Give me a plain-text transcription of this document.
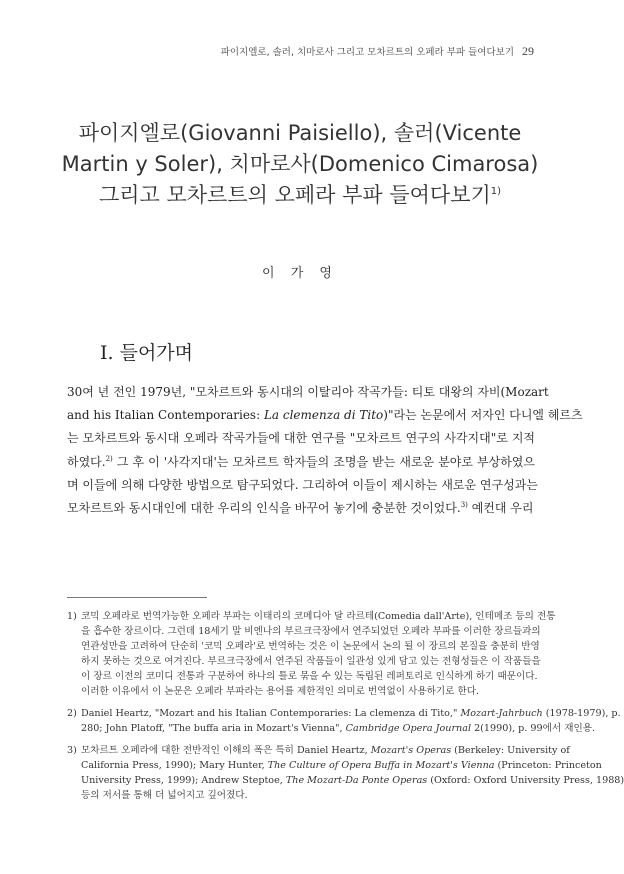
파이지엘로, 솔러, 치마로사 그리고 모차르트의 오페라 부파 들여다보기 29
파이지엘로(Giovanni Paisiello), 솔러(Vicente
Martin y Soler), 치마로사(Domenico Cimarosa)
그리고 모차르트의 오페라 부파 들여다보기$^{1)}$
이 가 영
I. 들어가며
30여 년 전인 1979년, "모차르트와 동시대의 이탈리아 작곡가들: 티토 대왕의 자비(Mozart
and his Italian Contemporaries: La clemenza di Tito)"라는 논문에서 저자인 다니엘 헤르츠
는 모차르트와 동시대 오페라 작곡가들에 대한 연구를 "모차르트 연구의 사각지대"로 지적
하였다.$^{2)}$ 그 후 이 '사각지대'는 모차르트 학자들의 조명을 받는 새로운 분야로 부상하였으
며 이들에 의해 다양한 방법으로 탐구되었다. 그리하여 이들이 제시하는 새로운 연구성과는
모차르트와 동시대인에 대한 우리의 인식을 바꾸어 놓기에 충분한 것이었다.$^{3)}$ 예컨대 우리
1) 코믹 오페라로 번역가능한 오페라 부파는 이태리의 코메디아 달 라르테(Comedia dall'Arte), 인테메조 등의 전통
을 흡수한 장르이다. 그런데 18세기 말 비엔나의 부르크극장에서 연주되었던 오페라 부파를 이러한 장르들과의
연관성만을 고려하여 단순히 '코믹 오페라'로 번역하는 것은 이 논문에서 논의 될 이 장르의 본질을 충분히 반영
하지 못하는 것으로 여겨진다. 부르크극장에서 연주된 작품들이 일관성 있게 담고 있는 전형성들은 이 작품들을
이 장르 이전의 코미디 전통과 구분하여 하나의 틀로 묶을 수 있는 독립된 레퍼토리로 인식하게 하기 때문이다.
이러한 이유에서 이 논문은 오페라 부파라는 용어를 제한적인 의미로 번역없이 사용하기로 한다.
2) Daniel Heartz, "Mozart and his Italian Contemporaries: La clemenza di Tito," Mozart-Jahrbuch (1978-1979), p.
280; John Platoff, "The buffa aria in Mozart's Vienna", Cambridge Opera Journal 2(1990), p. 99에서 재인용.
3) 모차르트 오페라에 대한 전반적인 이해의 폭은 특히 Daniel Heartz, Mozart's Operas (Berkeley: University of
California Press, 1990); Mary Hunter, The Culture of Opera Buffa in Mozart's Vienna (Princeton: Princeton
University Press, 1999); Andrew Steptoe, The Mozart-Da Ponte Operas (Oxford: Oxford University Press, 1988)
등의 저서를 통해 더 넓어지고 깊어졌다.
